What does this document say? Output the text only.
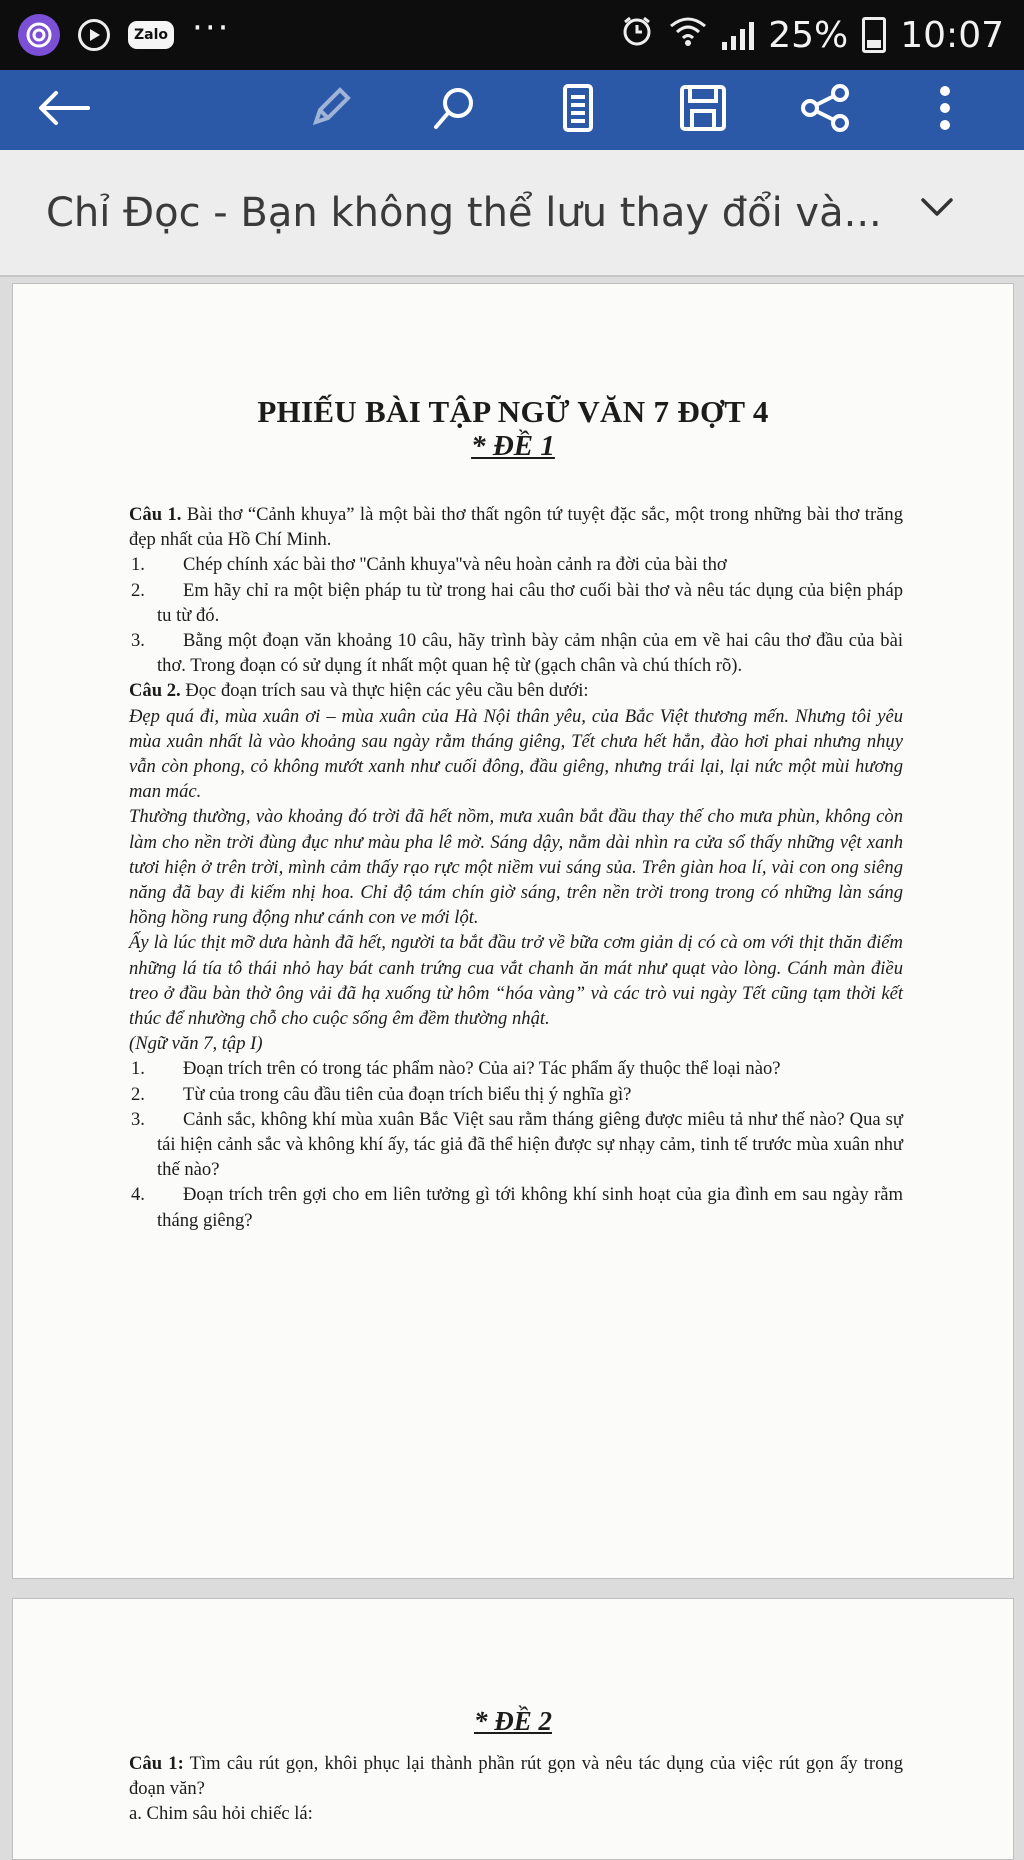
Zalo ···	25% 10:07
Chỉ Đọc - Bạn không thể lưu thay đổi và...
PHIẾU BÀI TẬP NGỮ VĂN 7 ĐỢT 4
* ĐỀ 1

Câu 1. Bài thơ “Cảnh khuya” là một bài thơ thất ngôn tứ tuyệt đặc sắc, một trong những bài thơ trăng đẹp nhất của Hồ Chí Minh.

1.	Chép chính xác bài thơ ''Cảnh khuya''và nêu hoàn cảnh ra đời của bài thơ
2.	Em hãy chỉ ra một biện pháp tu từ trong hai câu thơ cuối bài thơ và nêu tác dụng của biện pháp tu từ đó.
3.	Bằng một đoạn văn khoảng 10 câu, hãy trình bày cảm nhận của em về hai câu thơ đầu của bài thơ. Trong đoạn có sử dụng ít nhất một quan hệ từ (gạch chân và chú thích rõ).

Câu 2. Đọc đoạn trích sau và thực hiện các yêu cầu bên dưới:

Đẹp quá đi, mùa xuân ơi – mùa xuân của Hà Nội thân yêu, của Bắc Việt thương mến. Nhưng tôi yêu mùa xuân nhất là vào khoảng sau ngày rằm tháng giêng, Tết chưa hết hẳn, đào hơi phai nhưng nhụy vẫn còn phong, cỏ không mướt xanh như cuối đông, đầu giêng, nhưng trái lại, lại nức một mùi hương man mác.

Thường thường, vào khoảng đó trời đã hết nồm, mưa xuân bắt đầu thay thế cho mưa phùn, không còn làm cho nền trời đùng đục như màu pha lê mờ. Sáng dậy, nằm dài nhìn ra cửa sổ thấy những vệt xanh tươi hiện ở trên trời, mình cảm thấy rạo rực một niềm vui sáng sủa. Trên giàn hoa lí, vài con ong siêng năng đã bay đi kiếm nhị hoa. Chỉ độ tám chín giờ sáng, trên nền trời trong trong có những làn sáng hồng hồng rung động như cánh con ve mới lột.

Ấy là lúc thịt mỡ dưa hành đã hết, người ta bắt đầu trở về bữa cơm giản dị có cà om với thịt thăn điểm những lá tía tô thái nhỏ hay bát canh trứng cua vắt chanh ăn mát như quạt vào lòng. Cánh màn điều treo ở đầu bàn thờ ông vải đã hạ xuống từ hôm “hóa vàng” và các trò vui ngày Tết cũng tạm thời kết thúc để nhường chỗ cho cuộc sống êm đềm thường nhật.

(Ngữ văn 7, tập I)

1.	Đoạn trích trên có trong tác phẩm nào? Của ai? Tác phẩm ấy thuộc thể loại nào?
2.	Từ của trong câu đầu tiên của đoạn trích biểu thị ý nghĩa gì?
3.	Cảnh sắc, không khí mùa xuân Bắc Việt sau rằm tháng giêng được miêu tả như thế nào? Qua sự tái hiện cảnh sắc và không khí ấy, tác giả đã thể hiện được sự nhạy cảm, tinh tế trước mùa xuân như thế nào?
4.	Đoạn trích trên gợi cho em liên tưởng gì tới không khí sinh hoạt của gia đình em sau ngày rằm tháng giêng?
* ĐỀ 2

Câu 1: Tìm câu rút gọn, khôi phục lại thành phần rút gọn và nêu tác dụng của việc rút gọn ấy trong đoạn văn?

a. Chim sâu hỏi chiếc lá:
